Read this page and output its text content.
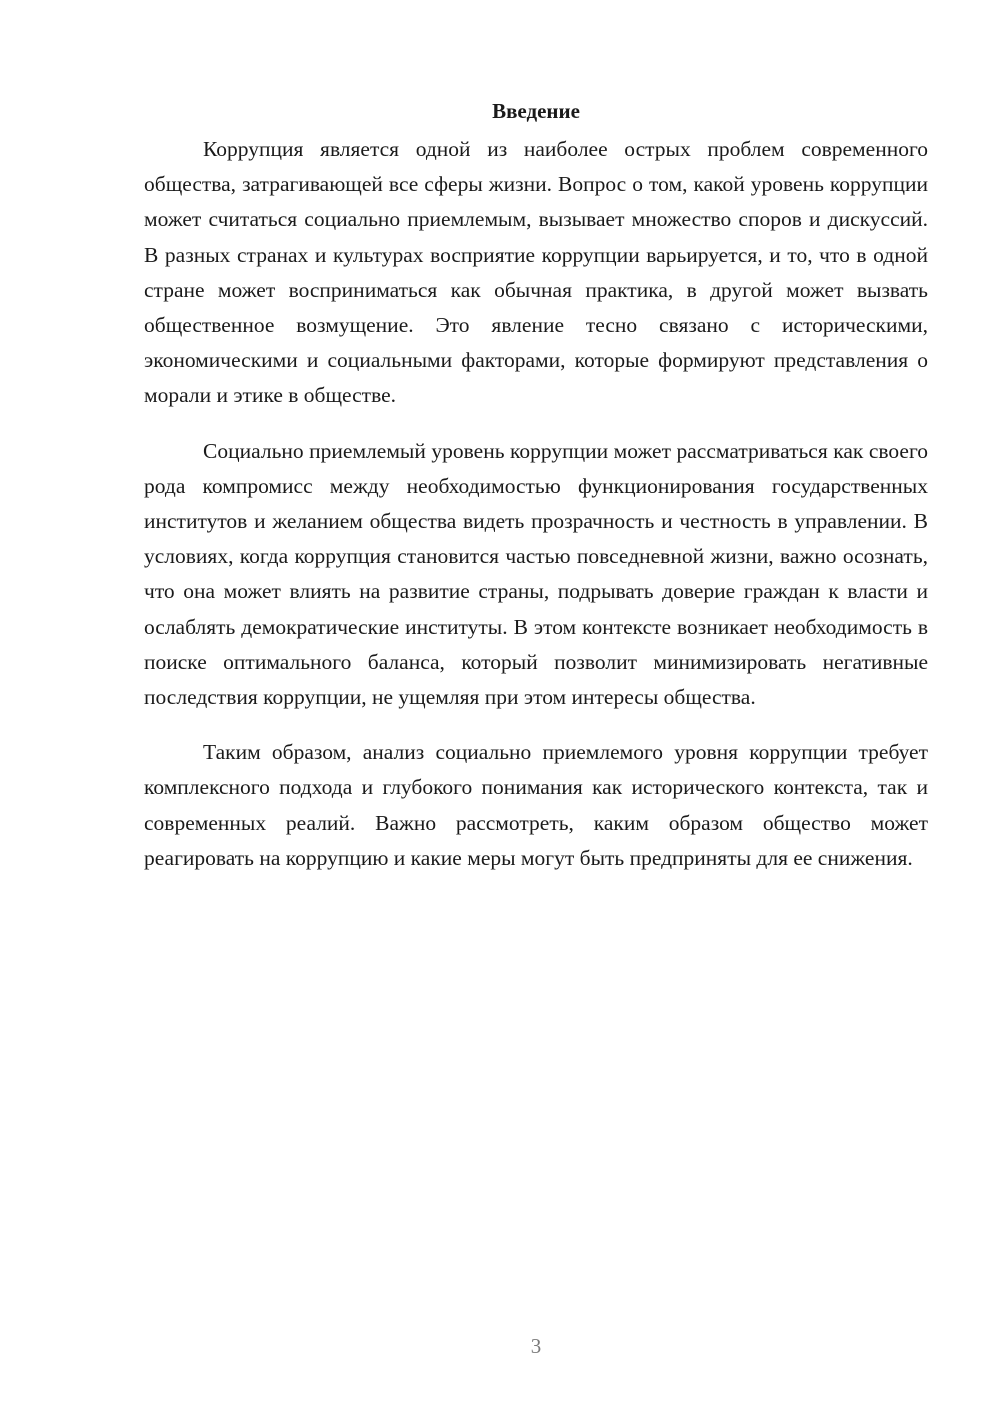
Введение

Коррупция является одной из наиболее острых проблем современного общества, затрагивающей все сферы жизни. Вопрос о том, какой уровень коррупции может считаться социально приемлемым, вызывает множество споров и дискуссий. В разных странах и культурах восприятие коррупции варьируется, и то, что в одной стране может восприниматься как обычная практика, в другой может вызвать общественное возмущение. Это явление тесно связано с историческими, экономическими и социальными факторами, которые формируют представления о морали и этике в обществе.

Социально приемлемый уровень коррупции может рассматриваться как своего рода компромисс между необходимостью функционирования государственных институтов и желанием общества видеть прозрачность и честность в управлении. В условиях, когда коррупция становится частью повседневной жизни, важно осознать, что она может влиять на развитие страны, подрывать доверие граждан к власти и ослаблять демократические институты. В этом контексте возникает необходимость в поиске оптимального баланса, который позволит минимизировать негативные последствия коррупции, не ущемляя при этом интересы общества.

Таким образом, анализ социально приемлемого уровня коррупции требует комплексного подхода и глубокого понимания как исторического контекста, так и современных реалий. Важно рассмотреть, каким образом общество может реагировать на коррупцию и какие меры могут быть предприняты для ее снижения.

3
